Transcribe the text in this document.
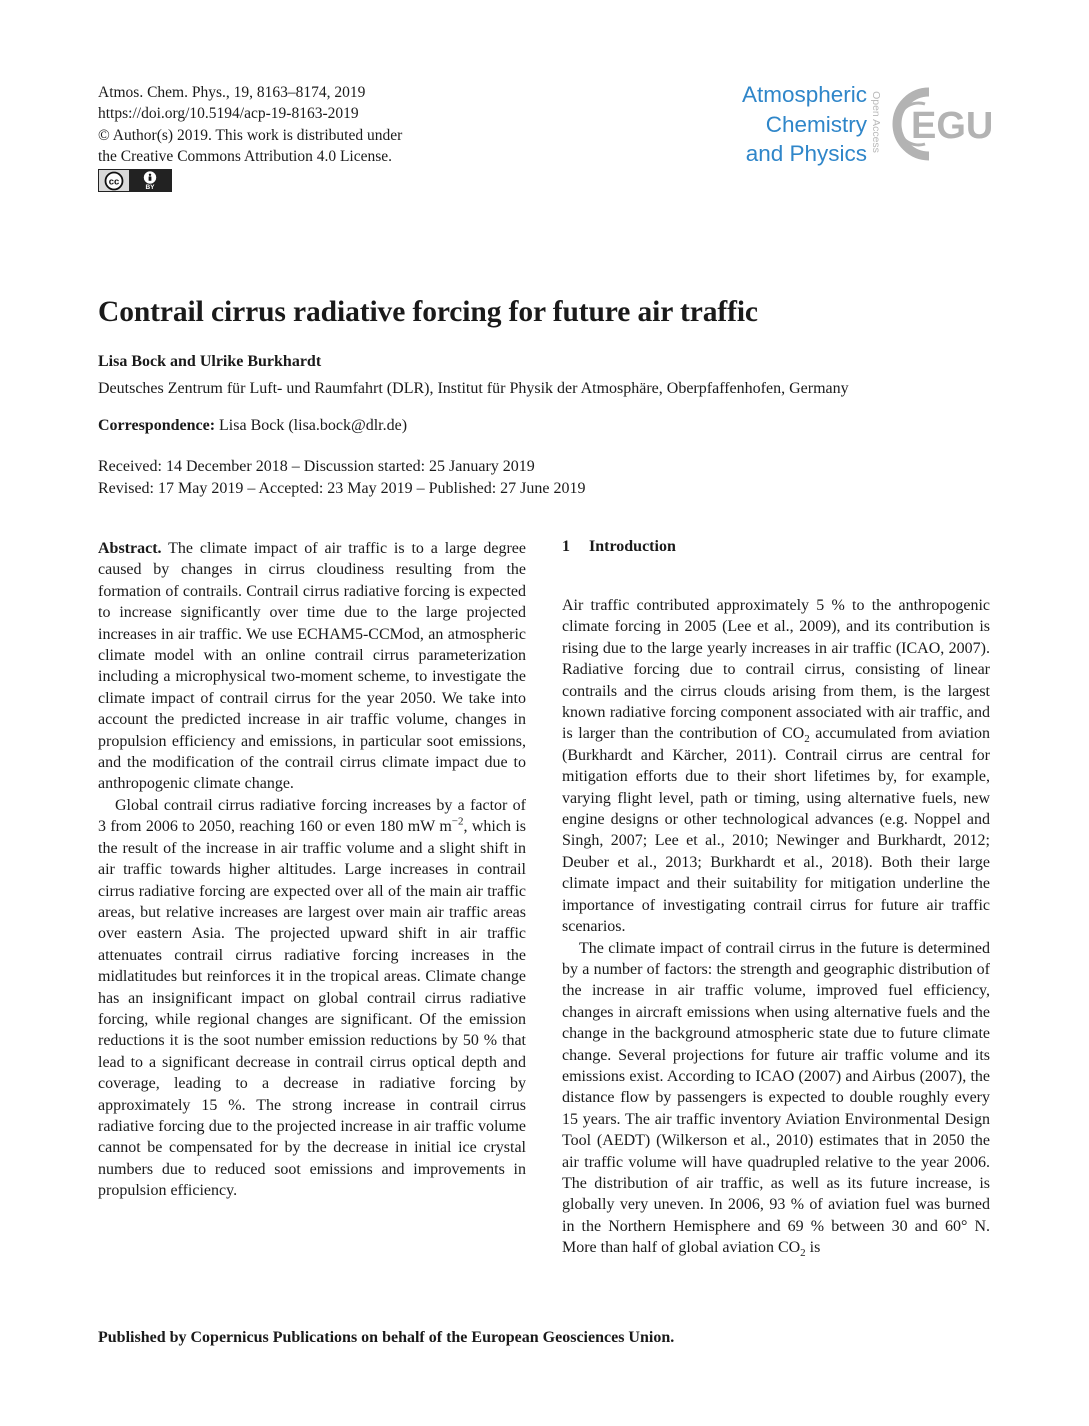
Atmos. Chem. Phys., 19, 8163–8174, 2019
https://doi.org/10.5194/acp-19-8163-2019
© Author(s) 2019. This work is distributed under
the Creative Commons Attribution 4.0 License.
cc	BY
Atmospheric
Chemistry
and Physics
Open Access EGU
Contrail cirrus radiative forcing for future air traffic
Lisa Bock and Ulrike Burkhardt
Deutsches Zentrum für Luft- und Raumfahrt (DLR), Institut für Physik der Atmosphäre, Oberpfaffenhofen, Germany
Correspondence: Lisa Bock (lisa.bock@dlr.de)
Received: 14 December 2018 – Discussion started: 25 January 2019
Revised: 17 May 2019 – Accepted: 23 May 2019 – Published: 27 June 2019

Abstract. The climate impact of air traffic is to a large degree caused by changes in cirrus cloudiness resulting from the formation of contrails. Contrail cirrus radiative forcing is expected to increase significantly over time due to the large projected increases in air traffic. We use ECHAM5-CCMod, an atmospheric climate model with an online contrail cirrus parameterization including a microphysical two-moment scheme, to investigate the climate impact of contrail cirrus for the year 2050. We take into account the predicted increase in air traffic volume, changes in propulsion efficiency and emissions, in particular soot emissions, and the modification of the contrail cirrus climate impact due to anthropogenic climate change.

Global contrail cirrus radiative forcing increases by a factor of 3 from 2006 to 2050, reaching 160 or even 180 mW $m^{-2}$, which is the result of the increase in air traffic volume and a slight shift in air traffic towards higher altitudes. Large increases in contrail cirrus radiative forcing are expected over all of the main air traffic areas, but relative increases are largest over main air traffic areas over eastern Asia. The projected upward shift in air traffic attenuates contrail cirrus radiative forcing increases in the midlatitudes but reinforces it in the tropical areas. Climate change has an insignificant impact on global contrail cirrus radiative forcing, while regional changes are significant. Of the emission reductions it is the soot number emission reductions by 50 % that lead to a significant decrease in contrail cirrus optical depth and coverage, leading to a decrease in radiative forcing by approximately 15 %. The strong increase in contrail cirrus radiative forcing due to the projected increase in air traffic volume cannot be compensated for by the decrease in initial ice crystal numbers due to reduced soot emissions and improvements in propulsion efficiency.

1 Introduction

Air traffic contributed approximately 5 % to the anthropogenic climate forcing in 2005 (Lee et al., 2009), and its contribution is rising due to the large yearly increases in air traffic (ICAO, 2007). Radiative forcing due to contrail cirrus, consisting of linear contrails and the cirrus clouds arising from them, is the largest known radiative forcing component associated with air traffic, and is larger than the contribution of $CO_2$ accumulated from aviation (Burkhardt and Kärcher, 2011). Contrail cirrus are central for mitigation efforts due to their short lifetimes by, for example, varying flight level, path or timing, using alternative fuels, new engine designs or other technological advances (e.g. Noppel and Singh, 2007; Lee et al., 2010; Newinger and Burkhardt, 2012; Deuber et al., 2013; Burkhardt et al., 2018). Both their large climate impact and their suitability for mitigation underline the importance of investigating contrail cirrus for future air traffic scenarios.

The climate impact of contrail cirrus in the future is determined by a number of factors: the strength and geographic distribution of the increase in air traffic volume, improved fuel efficiency, changes in aircraft emissions when using alternative fuels and the change in the background atmospheric state due to future climate change. Several projections for future air traffic volume and its emissions exist. According to ICAO (2007) and Airbus (2007), the distance flow by passengers is expected to double roughly every 15 years. The air traffic inventory Aviation Environmental Design Tool (AEDT) (Wilkerson et al., 2010) estimates that in 2050 the air traffic volume will have quadrupled relative to the year 2006. The distribution of air traffic, as well as its future increase, is globally very uneven. In 2006, 93 % of aviation fuel was burned in the Northern Hemisphere and 69 % between 30 and 60° N. More than half of global aviation $CO_2$ is

Published by Copernicus Publications on behalf of the European Geosciences Union.
